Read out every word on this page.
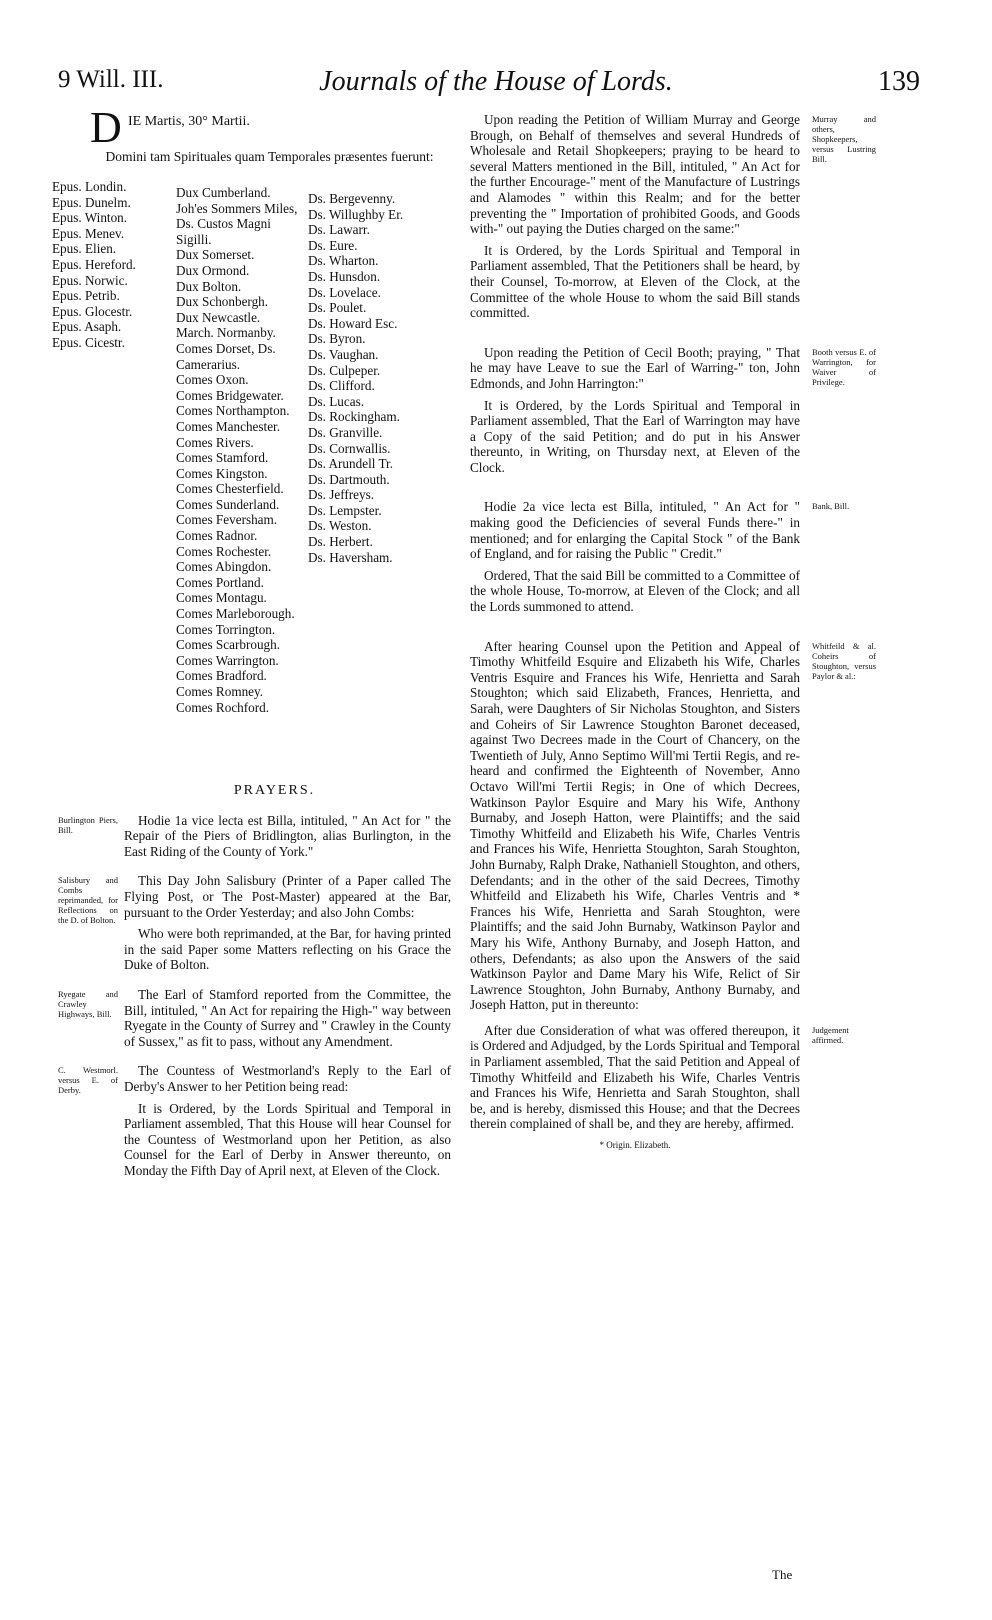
9 Will. III.	Journals of the House of Lords.	139
D IE Martis, 30° Martii.
Domini tam Spirituales quam Temporales præsentes fuerunt:
Epus. Londin.
Epus. Dunelm.
Epus. Winton.
Epus. Menev.
Epus. Elien.
Epus. Hereford.
Epus. Norwic.
Epus. Petrib.
Epus. Glocestr.
Epus. Asaph.
Epus. Cicestr.
Dux Cumberland.
Joh'es Sommers Miles,
Ds. Custos Magni
Sigilli.
Dux Somerset.
Dux Ormond.
Dux Bolton.
Dux Schonbergh.
Dux Newcastle.
March. Normanby.
Comes Dorset, Ds.
Camerarius.
Comes Oxon.
Comes Bridgewater.
Comes Northampton.
Comes Manchester.
Comes Rivers.
Comes Stamford.
Comes Kingston.
Comes Chesterfield.
Comes Sunderland.
Comes Feversham.
Comes Radnor.
Comes Rochester.
Comes Abingdon.
Comes Portland.
Comes Montagu.
Comes Marleborough.
Comes Torrington.
Comes Scarbrough.
Comes Warrington.
Comes Bradford.
Comes Romney.
Comes Rochford.
Ds. Bergevenny.
Ds. Willughby Er.
Ds. Lawarr.
Ds. Eure.
Ds. Wharton.
Ds. Hunsdon.
Ds. Lovelace.
Ds. Poulet.
Ds. Howard Esc.
Ds. Byron.
Ds. Vaughan.
Ds. Culpeper.
Ds. Clifford.
Ds. Lucas.
Ds. Rockingham.
Ds. Granville.
Ds. Cornwallis.
Ds. Arundell Tr.
Ds. Dartmouth.
Ds. Jeffreys.
Ds. Lempster.
Ds. Weston.
Ds. Herbert.
Ds. Haversham.
PRAYERS.
Burlington Piers, Bill.

Hodie 1a vice lecta est Billa, intituled, " An Act for " the Repair of the Piers of Bridlington, alias Burlington, in the East Riding of the County of York."

Salisbury and Combs reprimanded, for Reflections on the D. of Bolton.

This Day John Salisbury (Printer of a Paper called The Flying Post, or The Post-Master) appeared at the Bar, pursuant to the Order Yesterday; and also John Combs:

Who were both reprimanded, at the Bar, for having printed in the said Paper some Matters reflecting on his Grace the Duke of Bolton.

Ryegate and Crawley Highways, Bill.

The Earl of Stamford reported from the Committee, the Bill, intituled, " An Act for repairing the High-" way between Ryegate in the County of Surrey and " Crawley in the County of Sussex," as fit to pass, without any Amendment.

C. Westmorl. versus E. of Derby.

The Countess of Westmorland's Reply to the Earl of Derby's Answer to her Petition being read:

It is Ordered, by the Lords Spiritual and Temporal in Parliament assembled, That this House will hear Counsel for the Countess of Westmorland upon her Petition, as also Counsel for the Earl of Derby in Answer thereunto, on Monday the Fifth Day of April next, at Eleven of the Clock.

Murray and others, Shopkeepers, versus Lustring Bill.

Upon reading the Petition of William Murray and George Brough, on Behalf of themselves and several Hundreds of Wholesale and Retail Shopkeepers; praying to be heard to several Matters mentioned in the Bill, intituled, " An Act for the further Encourage-" ment of the Manufacture of Lustrings and Alamodes " within this Realm; and for the better preventing the " Importation of prohibited Goods, and Goods with-" out paying the Duties charged on the same:"

It is Ordered, by the Lords Spiritual and Temporal in Parliament assembled, That the Petitioners shall be heard, by their Counsel, To-morrow, at Eleven of the Clock, at the Committee of the whole House to whom the said Bill stands committed.

Booth versus E. of Warrington, for Waiver of Privilege.

Upon reading the Petition of Cecil Booth; praying, " That he may have Leave to sue the Earl of Warring-" ton, John Edmonds, and John Harrington:"

It is Ordered, by the Lords Spiritual and Temporal in Parliament assembled, That the Earl of Warrington may have a Copy of the said Petition; and do put in his Answer thereunto, in Writing, on Thursday next, at Eleven of the Clock.

Bank, Bill.

Hodie 2a vice lecta est Billa, intituled, " An Act for " making good the Deficiencies of several Funds there-" in mentioned; and for enlarging the Capital Stock " of the Bank of England, and for raising the Public " Credit."

Ordered, That the said Bill be committed to a Committee of the whole House, To-morrow, at Eleven of the Clock; and all the Lords summoned to attend.

Whitfeild & al. Coheirs of Stoughton, versus Paylor & al.:

After hearing Counsel upon the Petition and Appeal of Timothy Whitfeild Esquire and Elizabeth his Wife, Charles Ventris Esquire and Frances his Wife, Henrietta and Sarah Stoughton; which said Elizabeth, Frances, Henrietta, and Sarah, were Daughters of Sir Nicholas Stoughton, and Sisters and Coheirs of Sir Lawrence Stoughton Baronet deceased, against Two Decrees made in the Court of Chancery, on the Twentieth of July, Anno Septimo Will'mi Tertii Regis, and re-heard and confirmed the Eighteenth of November, Anno Octavo Will'mi Tertii Regis; in One of which Decrees, Watkinson Paylor Esquire and Mary his Wife, Anthony Burnaby, and Joseph Hatton, were Plaintiffs; and the said Timothy Whitfeild and Elizabeth his Wife, Charles Ventris and Frances his Wife, Henrietta Stoughton, Sarah Stoughton, John Burnaby, Ralph Drake, Nathaniell Stoughton, and others, Defendants; and in the other of the said Decrees, Timothy Whitfeild and Elizabeth his Wife, Charles Ventris and * Frances his Wife, Henrietta and Sarah Stoughton, were Plaintiffs; and the said John Burnaby, Watkinson Paylor and Mary his Wife, Anthony Burnaby, and Joseph Hatton, and others, Defendants; as also upon the Answers of the said Watkinson Paylor and Dame Mary his Wife, Relict of Sir Lawrence Stoughton, John Burnaby, Anthony Burnaby, and Joseph Hatton, put in thereunto:

Judgement affirmed.

After due Consideration of what was offered thereupon, it is Ordered and Adjudged, by the Lords Spiritual and Temporal in Parliament assembled, That the said Petition and Appeal of Timothy Whitfeild and Elizabeth his Wife, Charles Ventris and Frances his Wife, Henrietta and Sarah Stoughton, shall be, and is hereby, dismissed this House; and that the Decrees therein complained of shall be, and they are hereby, affirmed.

* Origin. Elizabeth.
The
